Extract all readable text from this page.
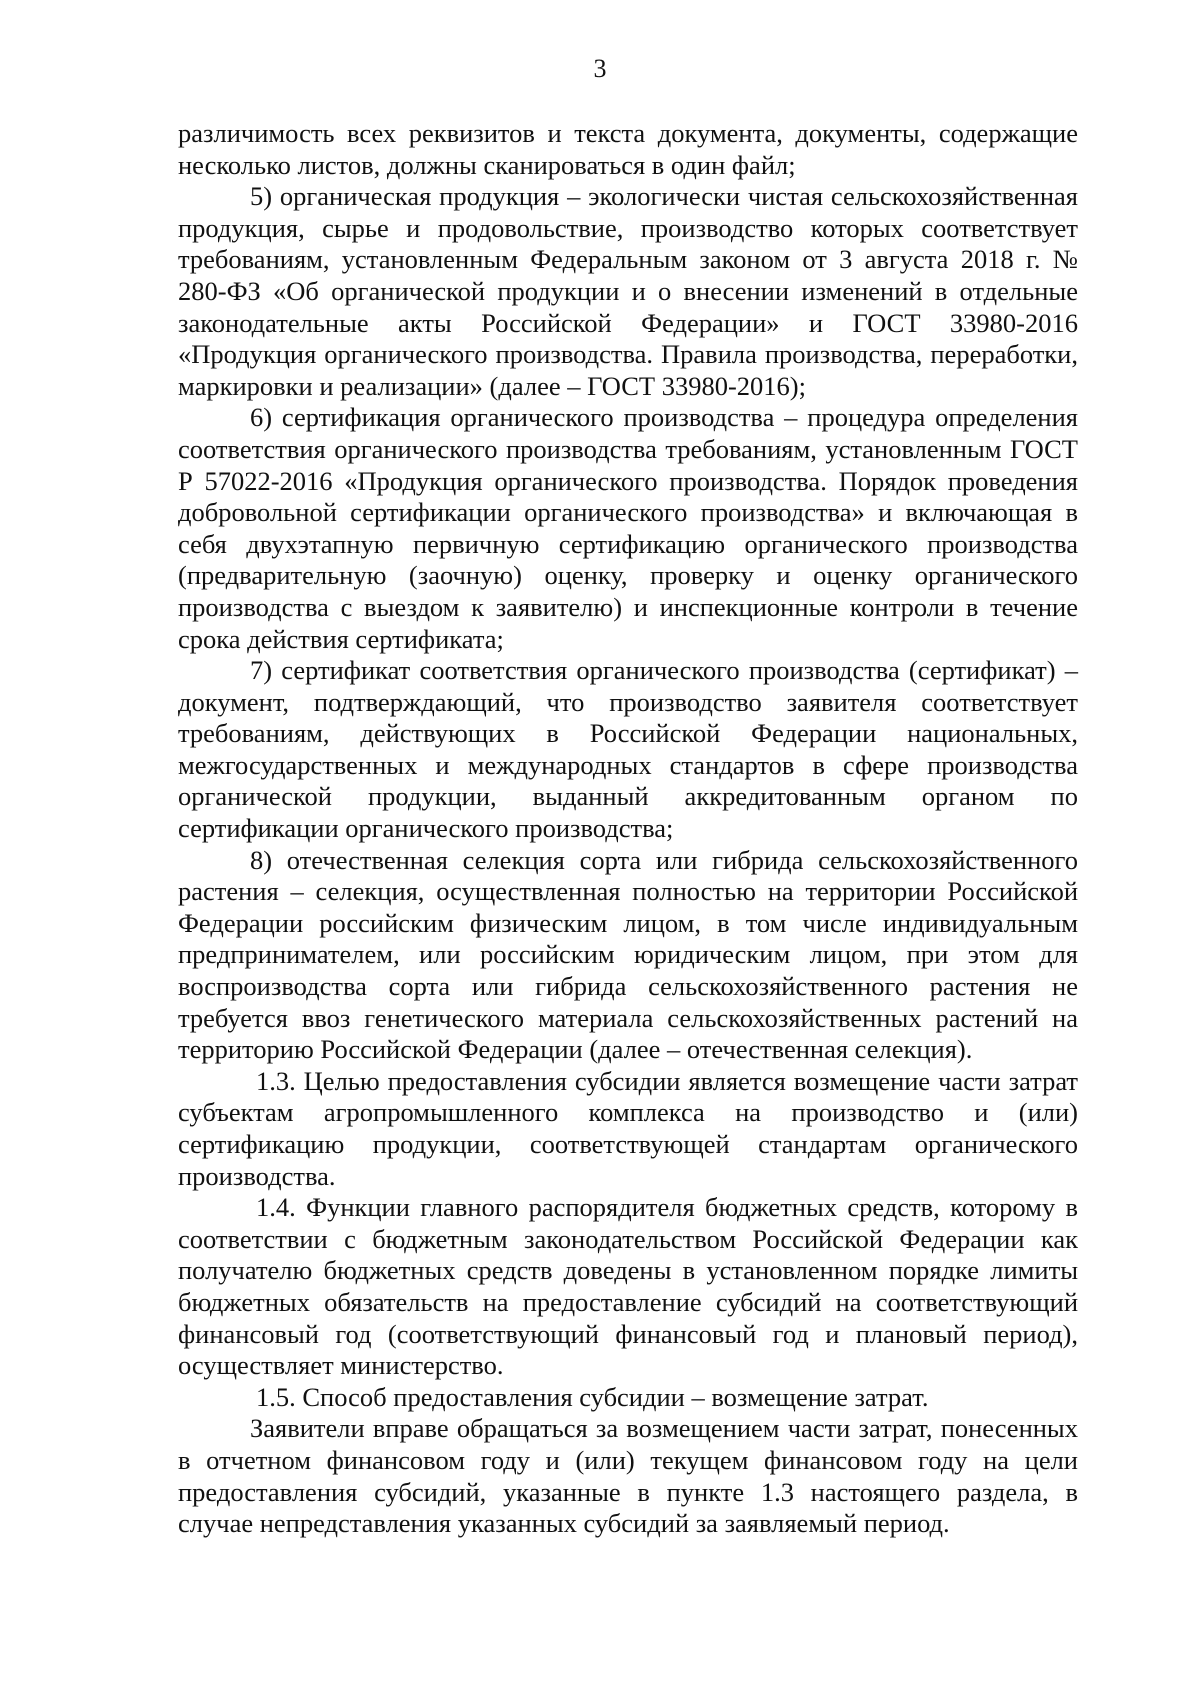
3

различимость всех реквизитов и текста документа, документы, содержащие несколько листов, должны сканироваться в один файл;

5) органическая продукция – экологически чистая сельскохозяйственная продукция, сырье и продовольствие, производство которых соответствует требованиям, установленным Федеральным законом от 3 августа 2018 г. № 280-ФЗ «Об органической продукции и о внесении изменений в отдельные законодательные акты Российской Федерации» и ГОСТ 33980-2016 «Продукция органического производства. Правила производства, переработки, маркировки и реализации» (далее – ГОСТ 33980-2016);

6) сертификация органического производства – процедура определения соответствия органического производства требованиям, установленным ГОСТ Р 57022-2016 «Продукция органического производства. Порядок проведения добровольной сертификации органического производства» и включающая в себя двухэтапную первичную сертификацию органического производства (предварительную (заочную) оценку, проверку и оценку органического производства с выездом к заявителю) и инспекционные контроли в течение срока действия сертификата;

7) сертификат соответствия органического производства (сертификат) – документ, подтверждающий, что производство заявителя соответствует требованиям, действующих в Российской Федерации национальных, межгосударственных и международных стандартов в сфере производства органической продукции, выданный аккредитованным органом по сертификации органического производства;

8) отечественная селекция сорта или гибрида сельскохозяйственного растения – селекция, осуществленная полностью на территории Российской Федерации российским физическим лицом, в том числе индивидуальным предпринимателем, или российским юридическим лицом, при этом для воспроизводства сорта или гибрида сельскохозяйственного растения не требуется ввоз генетического материала сельскохозяйственных растений на территорию Российской Федерации (далее – отечественная селекция).

1.3. Целью предоставления субсидии является возмещение части затрат субъектам агропромышленного комплекса на производство и (или) сертификацию продукции, соответствующей стандартам органического производства.

1.4. Функции главного распорядителя бюджетных средств, которому в соответствии с бюджетным законодательством Российской Федерации как получателю бюджетных средств доведены в установленном порядке лимиты бюджетных обязательств на предоставление субсидий на соответствующий финансовый год (соответствующий финансовый год и плановый период), осуществляет министерство.

1.5. Способ предоставления субсидии – возмещение затрат.

Заявители вправе обращаться за возмещением части затрат, понесенных в отчетном финансовом году и (или) текущем финансовом году на цели предоставления субсидий, указанные в пункте 1.3 настоящего раздела, в случае непредставления указанных субсидий за заявляемый период.
